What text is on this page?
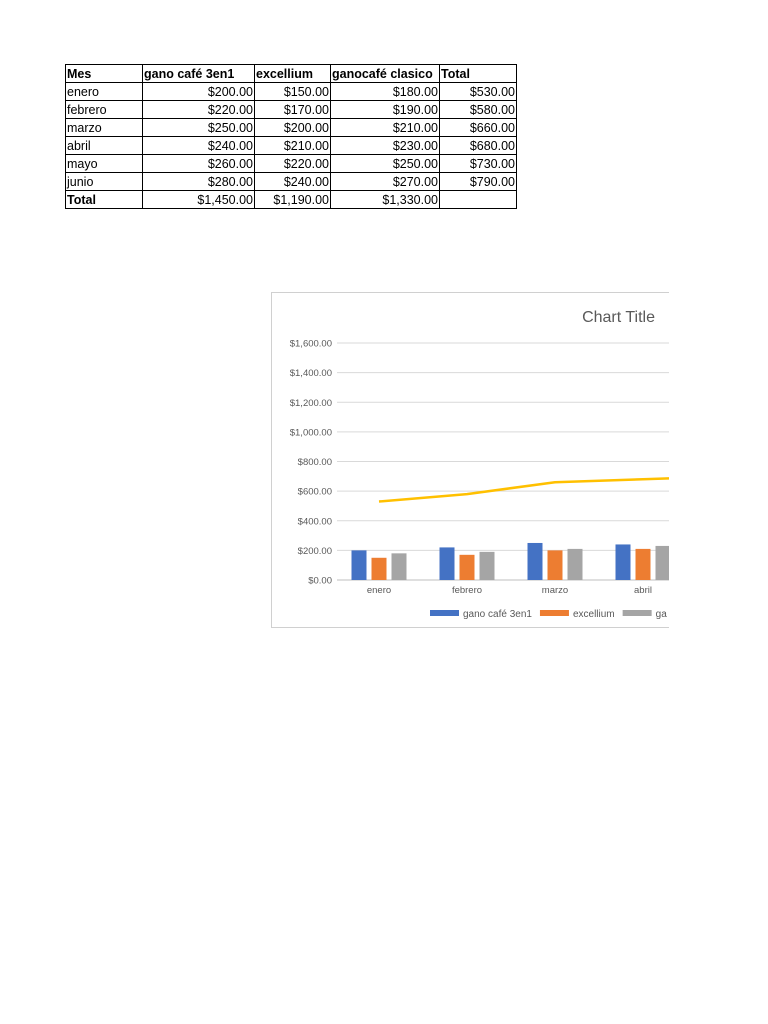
Mes	gano café 3en1	excellium	ganocafé clasico	Total
enero	$200.00	$150.00	$180.00	$530.00
febrero	$220.00	$170.00	$190.00	$580.00
marzo	$250.00	$200.00	$210.00	$660.00
abril	$240.00	$210.00	$230.00	$680.00
mayo	$260.00	$220.00	$250.00	$730.00
junio	$280.00	$240.00	$270.00	$790.00
Total	$1,450.00	$1,190.00	$1,330.00	
Chart Title
$0.00
$200.00
$400.00
$600.00
$800.00
$1,000.00
$1,200.00
$1,400.00
$1,600.00
enero	febrero	marzo	abril
gano café 3en1	excellium	ga
